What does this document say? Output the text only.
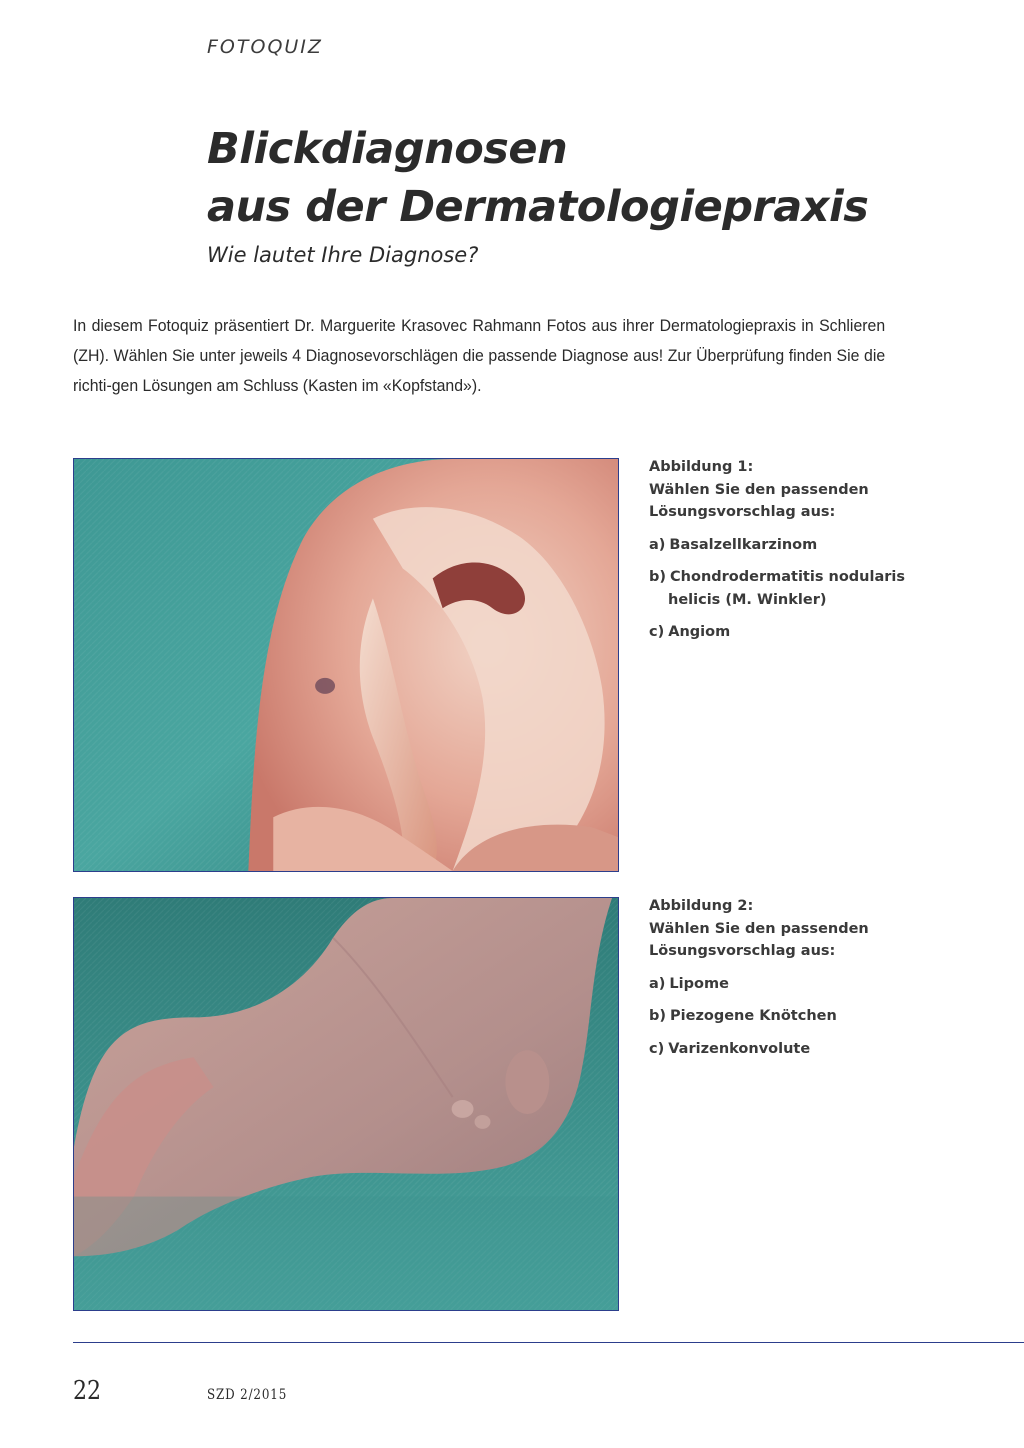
FOTOQUIZ

Blickdiagnosen
aus der Dermatologiepraxis

Wie lautet Ihre Diagnose?

In diesem Fotoquiz präsentiert Dr. Marguerite Krasovec Rahmann Fotos aus ihrer Dermatologiepraxis in Schlieren (ZH). Wählen Sie unter jeweils 4 Diagnosevorschlägen die passende Diagnose aus! Zur Überprüfung finden Sie die richti-gen Lösungen am Schluss (Kasten im «Kopfstand»).

Abbildung 1:
Wählen Sie den passenden
Lösungsvorschlag aus:
a) Basalzellkarzinom
b) Chondrodermatitis nodularis helicis (M. Winkler)
c) Angiom
Abbildung 2:
Wählen Sie den passenden
Lösungsvorschlag aus:
a) Lipome
b) Piezogene Knötchen
c) Varizenkonvolute

22	SZD 2/2015
